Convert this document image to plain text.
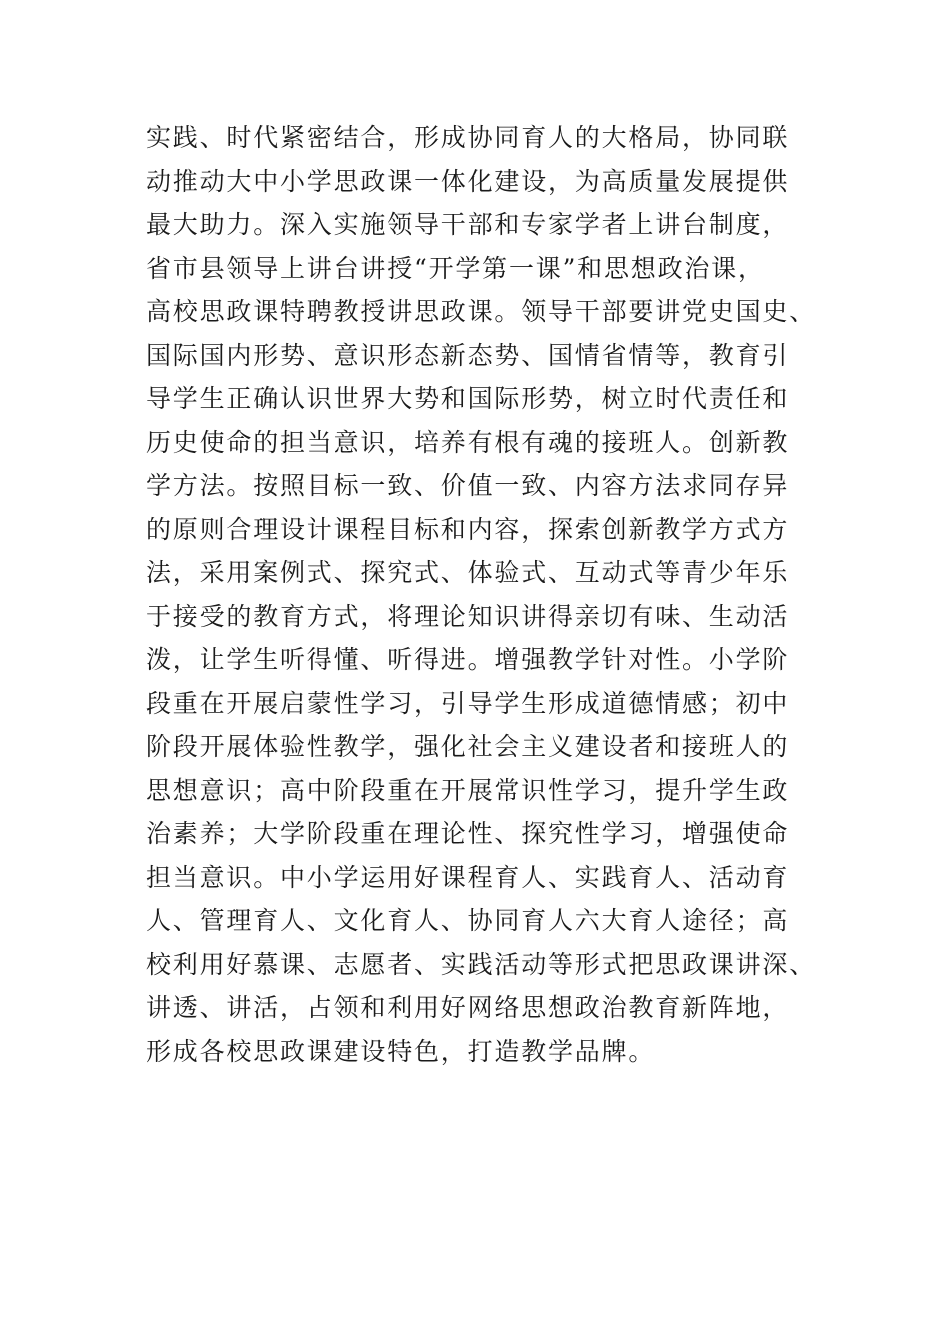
实践、时代紧密结合，形成协同育人的大格局，协同联
动推动大中小学思政课一体化建设，为高质量发展提供
最大助力。深入实施领导干部和专家学者上讲台制度，
省市县领导上讲台讲授“开学第一课”和思想政治课，
高校思政课特聘教授讲思政课。领导干部要讲党史国史、
国际国内形势、意识形态新态势、国情省情等，教育引
导学生正确认识世界大势和国际形势，树立时代责任和
历史使命的担当意识，培养有根有魂的接班人。创新教
学方法。按照目标一致、价值一致、内容方法求同存异
的原则合理设计课程目标和内容，探索创新教学方式方
法，采用案例式、探究式、体验式、互动式等青少年乐
于接受的教育方式，将理论知识讲得亲切有味、生动活
泼，让学生听得懂、听得进。增强教学针对性。小学阶
段重在开展启蒙性学习，引导学生形成道德情感；初中
阶段开展体验性教学，强化社会主义建设者和接班人的
思想意识；高中阶段重在开展常识性学习，提升学生政
治素养；大学阶段重在理论性、探究性学习，增强使命
担当意识。中小学运用好课程育人、实践育人、活动育
人、管理育人、文化育人、协同育人六大育人途径；高
校利用好慕课、志愿者、实践活动等形式把思政课讲深、
讲透、讲活，占领和利用好网络思想政治教育新阵地，
形成各校思政课建设特色，打造教学品牌。
